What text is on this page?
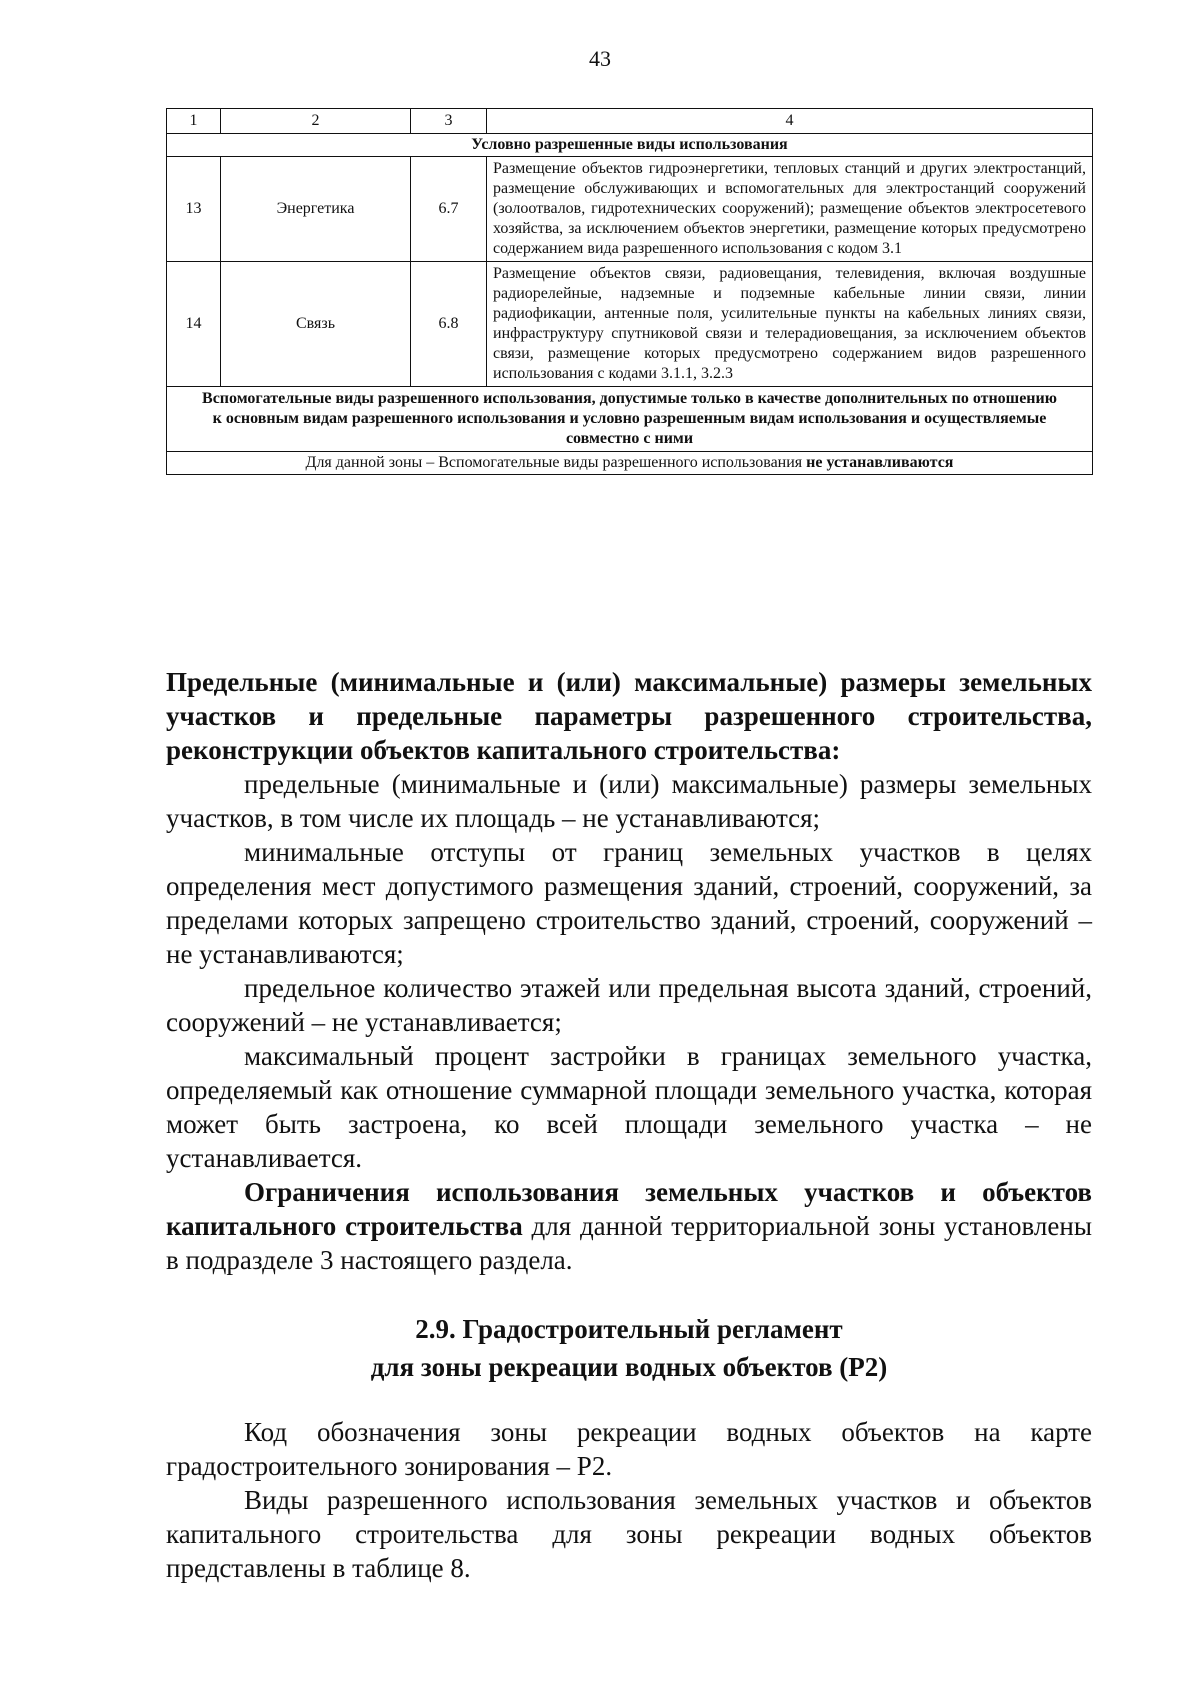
43
1	2	3	4
Условно разрешенные виды использования			
13	Энергетика	6.7	Размещение объектов гидроэнергетики, тепловых станций и других электростанций, размещение обслуживающих и вспомогательных для электростанций сооружений (золоотвалов, гидротехнических сооружений); размещение объектов электросетевого хозяйства, за исключением объектов энергетики, размещение которых предусмотрено содержанием вида разрешенного использования с кодом 3.1
14	Связь	6.8	Размещение объектов связи, радиовещания, телевидения, включая воздушные радиорелейные, надземные и подземные кабельные линии связи, линии радиофикации, антенные поля, усилительные пункты на кабельных линиях связи, инфраструктуру спутниковой связи и телерадиовещания, за исключением объектов связи, размещение которых предусмотрено содержанием видов разрешенного использования с кодами 3.1.1, 3.2.3
Вспомогательные виды разрешенного использования, допустимые только в качестве дополнительных по отношению к основным видам разрешенного использования и условно разрешенным видам использования и осуществляемые совместно с ними			
Для данной зоны – Вспомогательные виды разрешенного использования не устанавливаются			

Предельные (минимальные и (или) максимальные) размеры земельных участков и предельные параметры разрешенного строительства, реконструкции объектов капитального строительства:

предельные (минимальные и (или) максимальные) размеры земельных участков, в том числе их площадь – не устанавливаются;

минимальные отступы от границ земельных участков в целях определения мест допустимого размещения зданий, строений, сооружений, за пределами которых запрещено строительство зданий, строений, сооружений – не устанавливаются;

предельное количество этажей или предельная высота зданий, строений, сооружений – не устанавливается;

максимальный процент застройки в границах земельного участка, определяемый как отношение суммарной площади земельного участка, которая может быть застроена, ко всей площади земельного участка – не устанавливается.

Ограничения использования земельных участков и объектов капитального строительства для данной территориальной зоны установлены в подразделе 3 настоящего раздела.

2.9. Градостроительный регламент
для зоны рекреации водных объектов (Р2)

Код обозначения зоны рекреации водных объектов на карте градостроительного зонирования – Р2.

Виды разрешенного использования земельных участков и объектов капитального строительства для зоны рекреации водных объектов представлены в таблице 8.
